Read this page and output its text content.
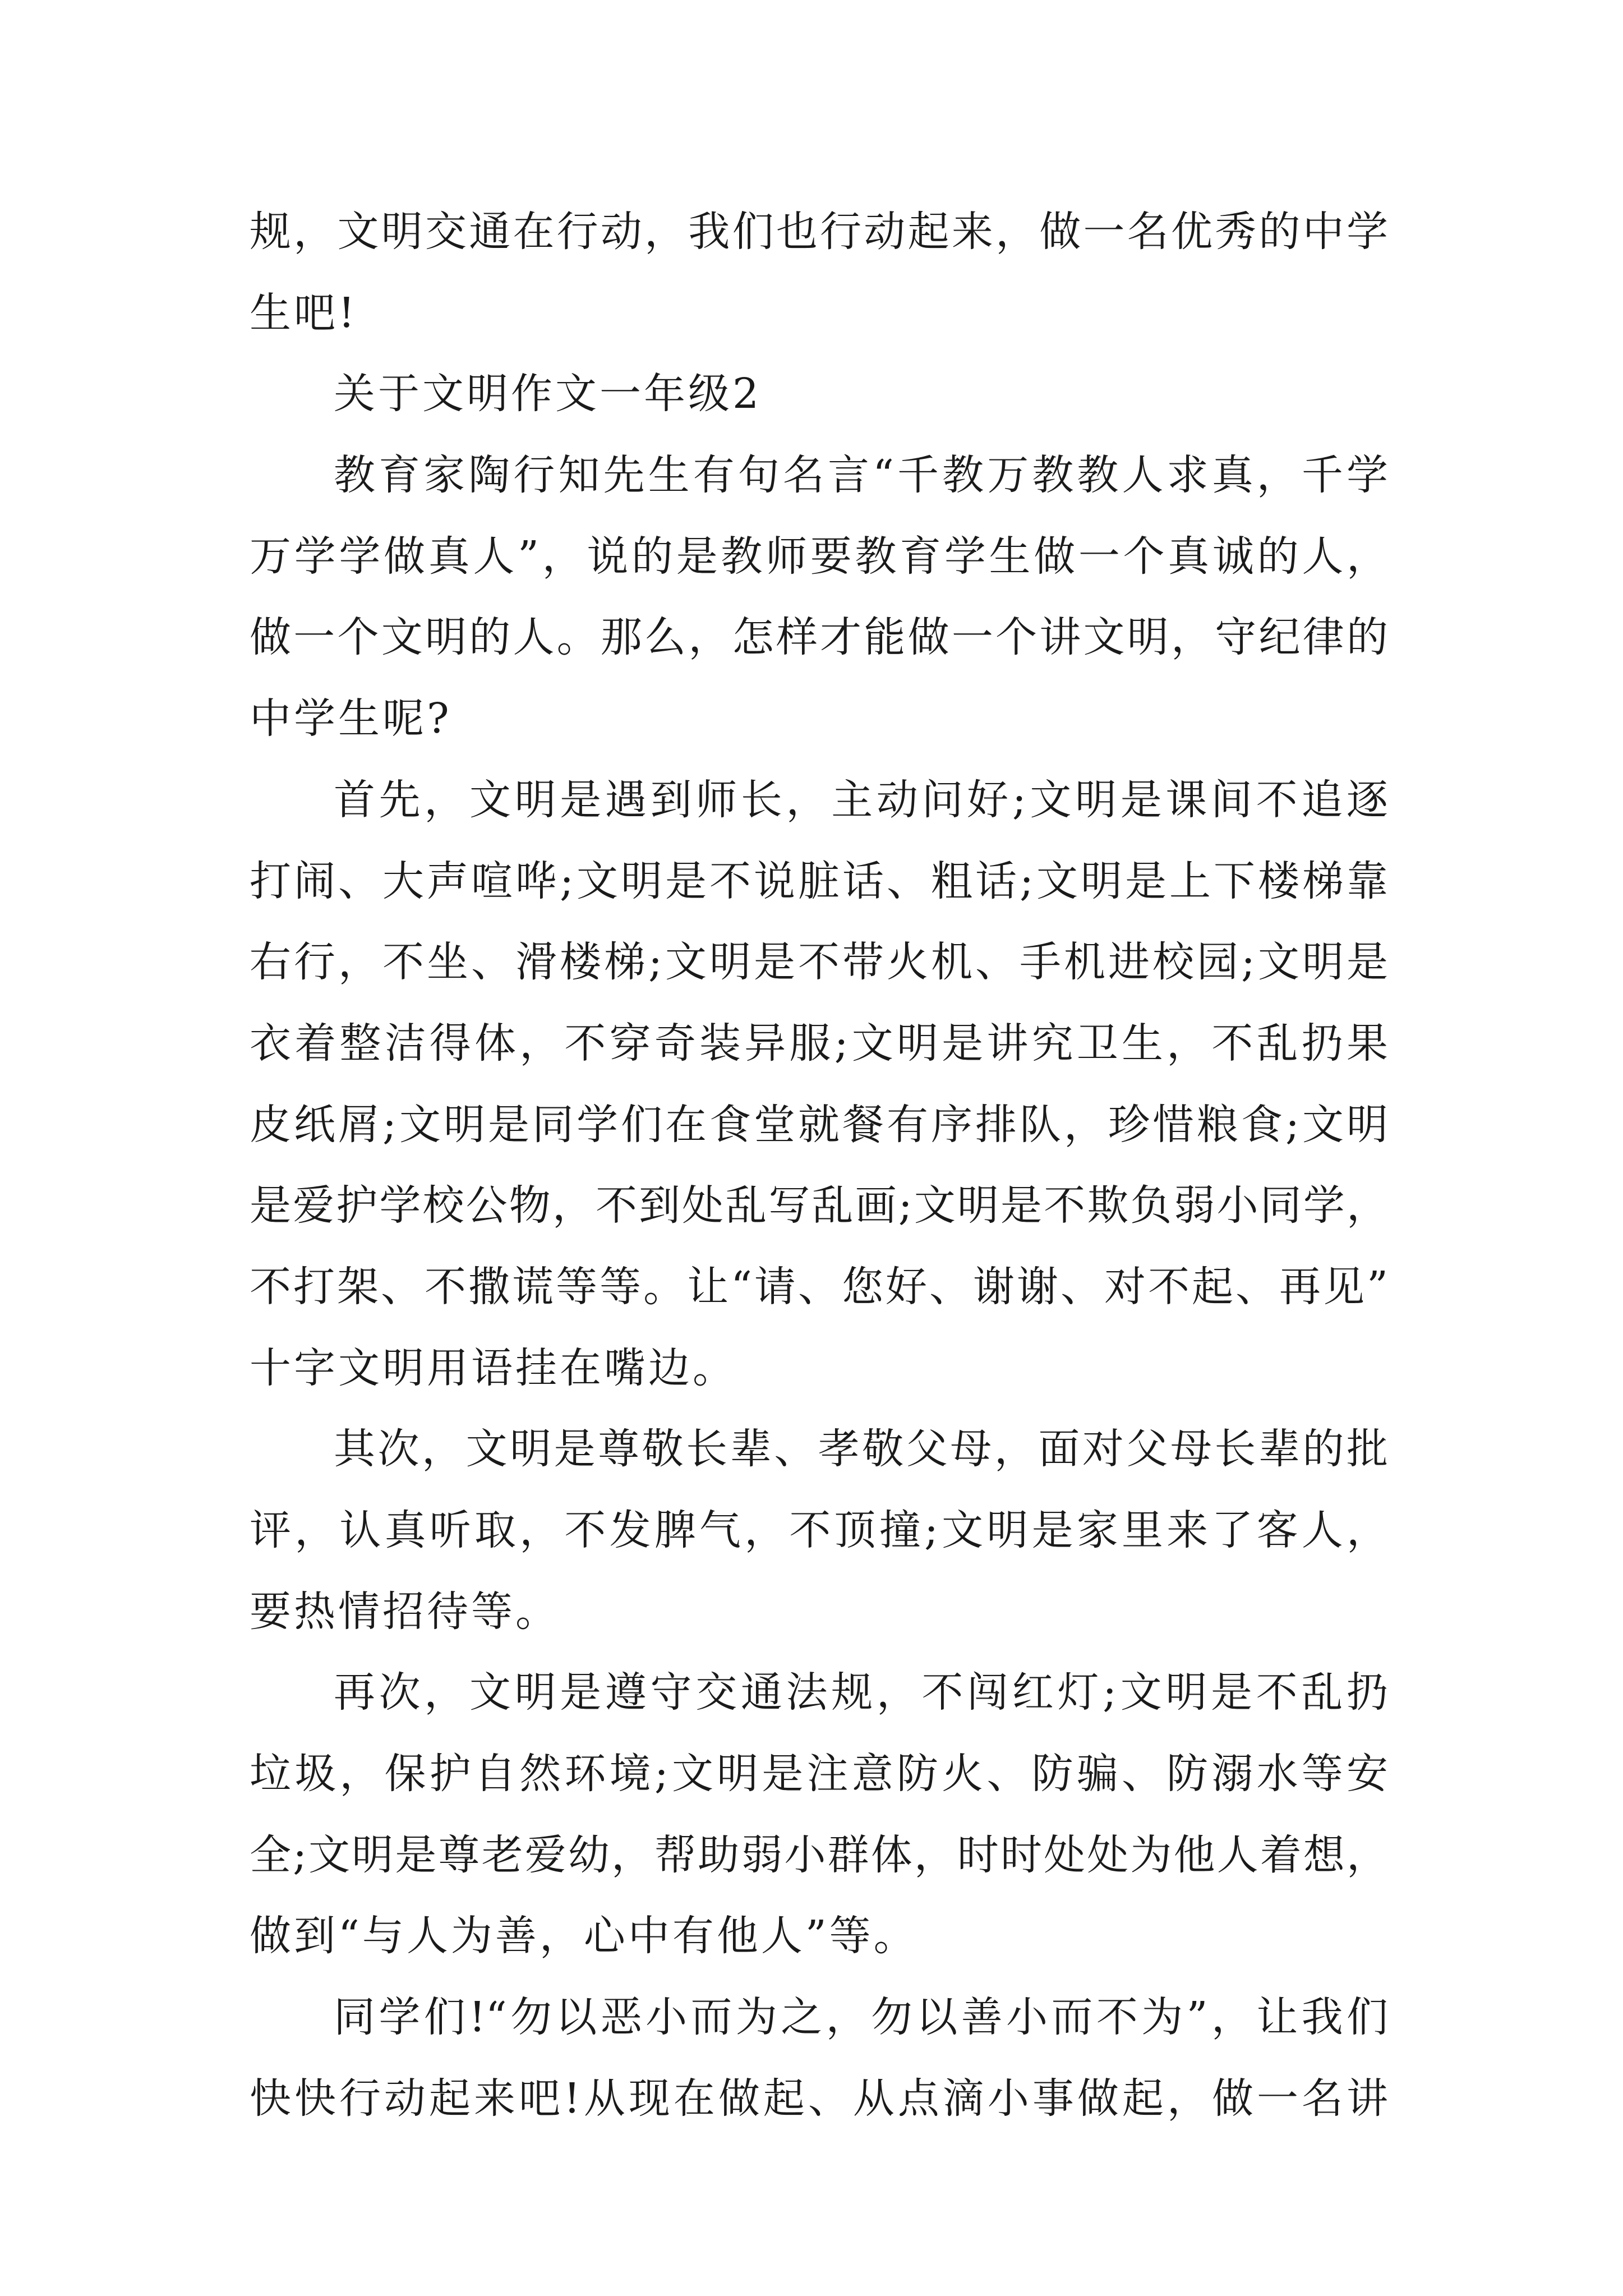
规，文明交通在行动，我们也行动起来，做一名优秀的中学
生吧!
关于文明作文一年级2
教育家陶行知先生有句名言“千教万教教人求真，千学
万学学做真人”，说的是教师要教育学生做一个真诚的人，
做一个文明的人。那么，怎样才能做一个讲文明，守纪律的
中学生呢?
首先，文明是遇到师长，主动问好;文明是课间不追逐
打闹、大声喧哗;文明是不说脏话、粗话;文明是上下楼梯靠
右行，不坐、滑楼梯;文明是不带火机、手机进校园;文明是
衣着整洁得体，不穿奇装异服;文明是讲究卫生，不乱扔果
皮纸屑;文明是同学们在食堂就餐有序排队，珍惜粮食;文明
是爱护学校公物，不到处乱写乱画;文明是不欺负弱小同学，
不打架、不撒谎等等。让“请、您好、谢谢、对不起、再见”
十字文明用语挂在嘴边。
其次，文明是尊敬长辈、孝敬父母，面对父母长辈的批
评，认真听取，不发脾气，不顶撞;文明是家里来了客人，
要热情招待等。
再次，文明是遵守交通法规，不闯红灯;文明是不乱扔
垃圾，保护自然环境;文明是注意防火、防骗、防溺水等安
全;文明是尊老爱幼，帮助弱小群体，时时处处为他人着想，
做到“与人为善，心中有他人”等。
同学们!“勿以恶小而为之，勿以善小而不为”，让我们
快快行动起来吧!从现在做起、从点滴小事做起，做一名讲
